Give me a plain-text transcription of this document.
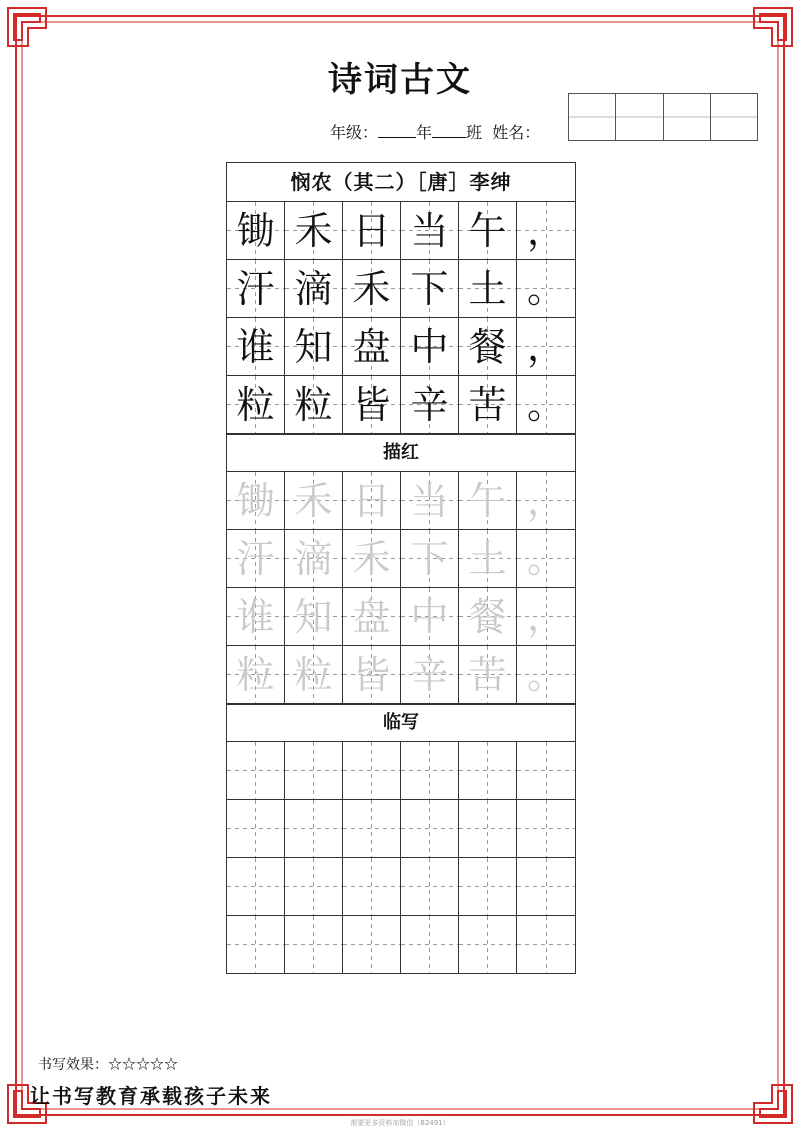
诗词古文
年级： 年 班 姓名：
悯农（其二）［唐］李绅
锄 禾 日 当 午 ，
汗 滴 禾 下 土 。
谁 知 盘 中 餐 ，
粒 粒 皆 辛 苦 。
描红
锄 禾 日 当 午 ，
汗 滴 禾 下 土 。
谁 知 盘 中 餐 ，
粒 粒 皆 辛 苦 。
临写
书写效果：☆☆☆☆☆
让书写教育承载孩子未来
需要更多资料加微信（82491）
